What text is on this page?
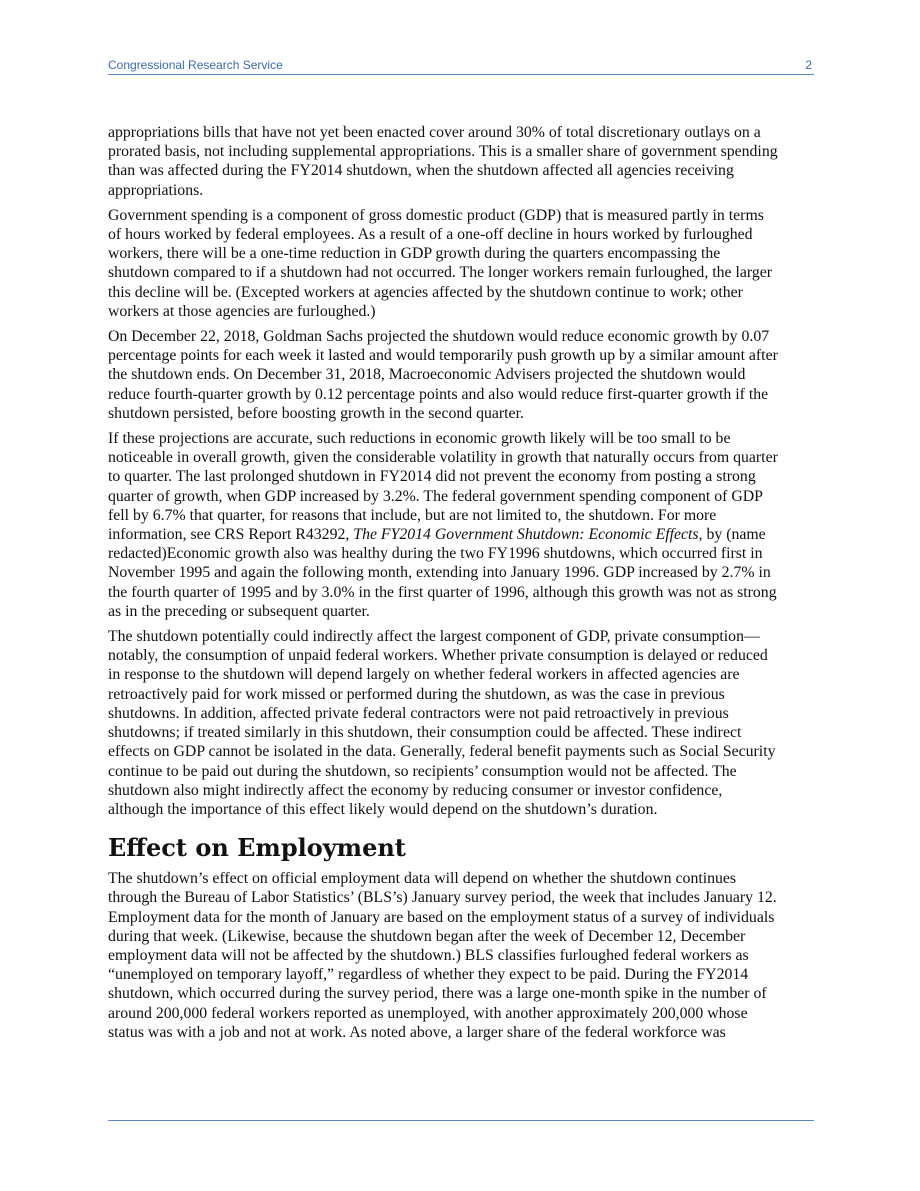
Congressional Research Service	2

appropriations bills that have not yet been enacted cover around 30% of total discretionary outlays on a
prorated basis, not including supplemental appropriations. This is a smaller share of government spending
than was affected during the FY2014 shutdown, when the shutdown affected all agencies receiving
appropriations.

Government spending is a component of gross domestic product (GDP) that is measured partly in terms
of hours worked by federal employees. As a result of a one-off decline in hours worked by furloughed
workers, there will be a one-time reduction in GDP growth during the quarters encompassing the
shutdown compared to if a shutdown had not occurred. The longer workers remain furloughed, the larger
this decline will be. (Excepted workers at agencies affected by the shutdown continue to work; other
workers at those agencies are furloughed.)

On December 22, 2018, Goldman Sachs projected the shutdown would reduce economic growth by 0.07
percentage points for each week it lasted and would temporarily push growth up by a similar amount after
the shutdown ends. On December 31, 2018, Macroeconomic Advisers projected the shutdown would
reduce fourth-quarter growth by 0.12 percentage points and also would reduce first-quarter growth if the
shutdown persisted, before boosting growth in the second quarter.

If these projections are accurate, such reductions in economic growth likely will be too small to be
noticeable in overall growth, given the considerable volatility in growth that naturally occurs from quarter
to quarter. The last prolonged shutdown in FY2014 did not prevent the economy from posting a strong
quarter of growth, when GDP increased by 3.2%. The federal government spending component of GDP
fell by 6.7% that quarter, for reasons that include, but are not limited to, the shutdown. For more
information, see CRS Report R43292, The FY2014 Government Shutdown: Economic Effects, by (name
redacted)Economic growth also was healthy during the two FY1996 shutdowns, which occurred first in
November 1995 and again the following month, extending into January 1996. GDP increased by 2.7% in
the fourth quarter of 1995 and by 3.0% in the first quarter of 1996, although this growth was not as strong
as in the preceding or subsequent quarter.

The shutdown potentially could indirectly affect the largest component of GDP, private consumption—
notably, the consumption of unpaid federal workers. Whether private consumption is delayed or reduced
in response to the shutdown will depend largely on whether federal workers in affected agencies are
retroactively paid for work missed or performed during the shutdown, as was the case in previous
shutdowns. In addition, affected private federal contractors were not paid retroactively in previous
shutdowns; if treated similarly in this shutdown, their consumption could be affected. These indirect
effects on GDP cannot be isolated in the data. Generally, federal benefit payments such as Social Security
continue to be paid out during the shutdown, so recipients’ consumption would not be affected. The
shutdown also might indirectly affect the economy by reducing consumer or investor confidence,
although the importance of this effect likely would depend on the shutdown’s duration.

Effect on Employment

The shutdown’s effect on official employment data will depend on whether the shutdown continues
through the Bureau of Labor Statistics’ (BLS’s) January survey period, the week that includes January 12.
Employment data for the month of January are based on the employment status of a survey of individuals
during that week. (Likewise, because the shutdown began after the week of December 12, December
employment data will not be affected by the shutdown.) BLS classifies furloughed federal workers as
“unemployed on temporary layoff,” regardless of whether they expect to be paid. During the FY2014
shutdown, which occurred during the survey period, there was a large one-month spike in the number of
around 200,000 federal workers reported as unemployed, with another approximately 200,000 whose
status was with a job and not at work. As noted above, a larger share of the federal workforce was
